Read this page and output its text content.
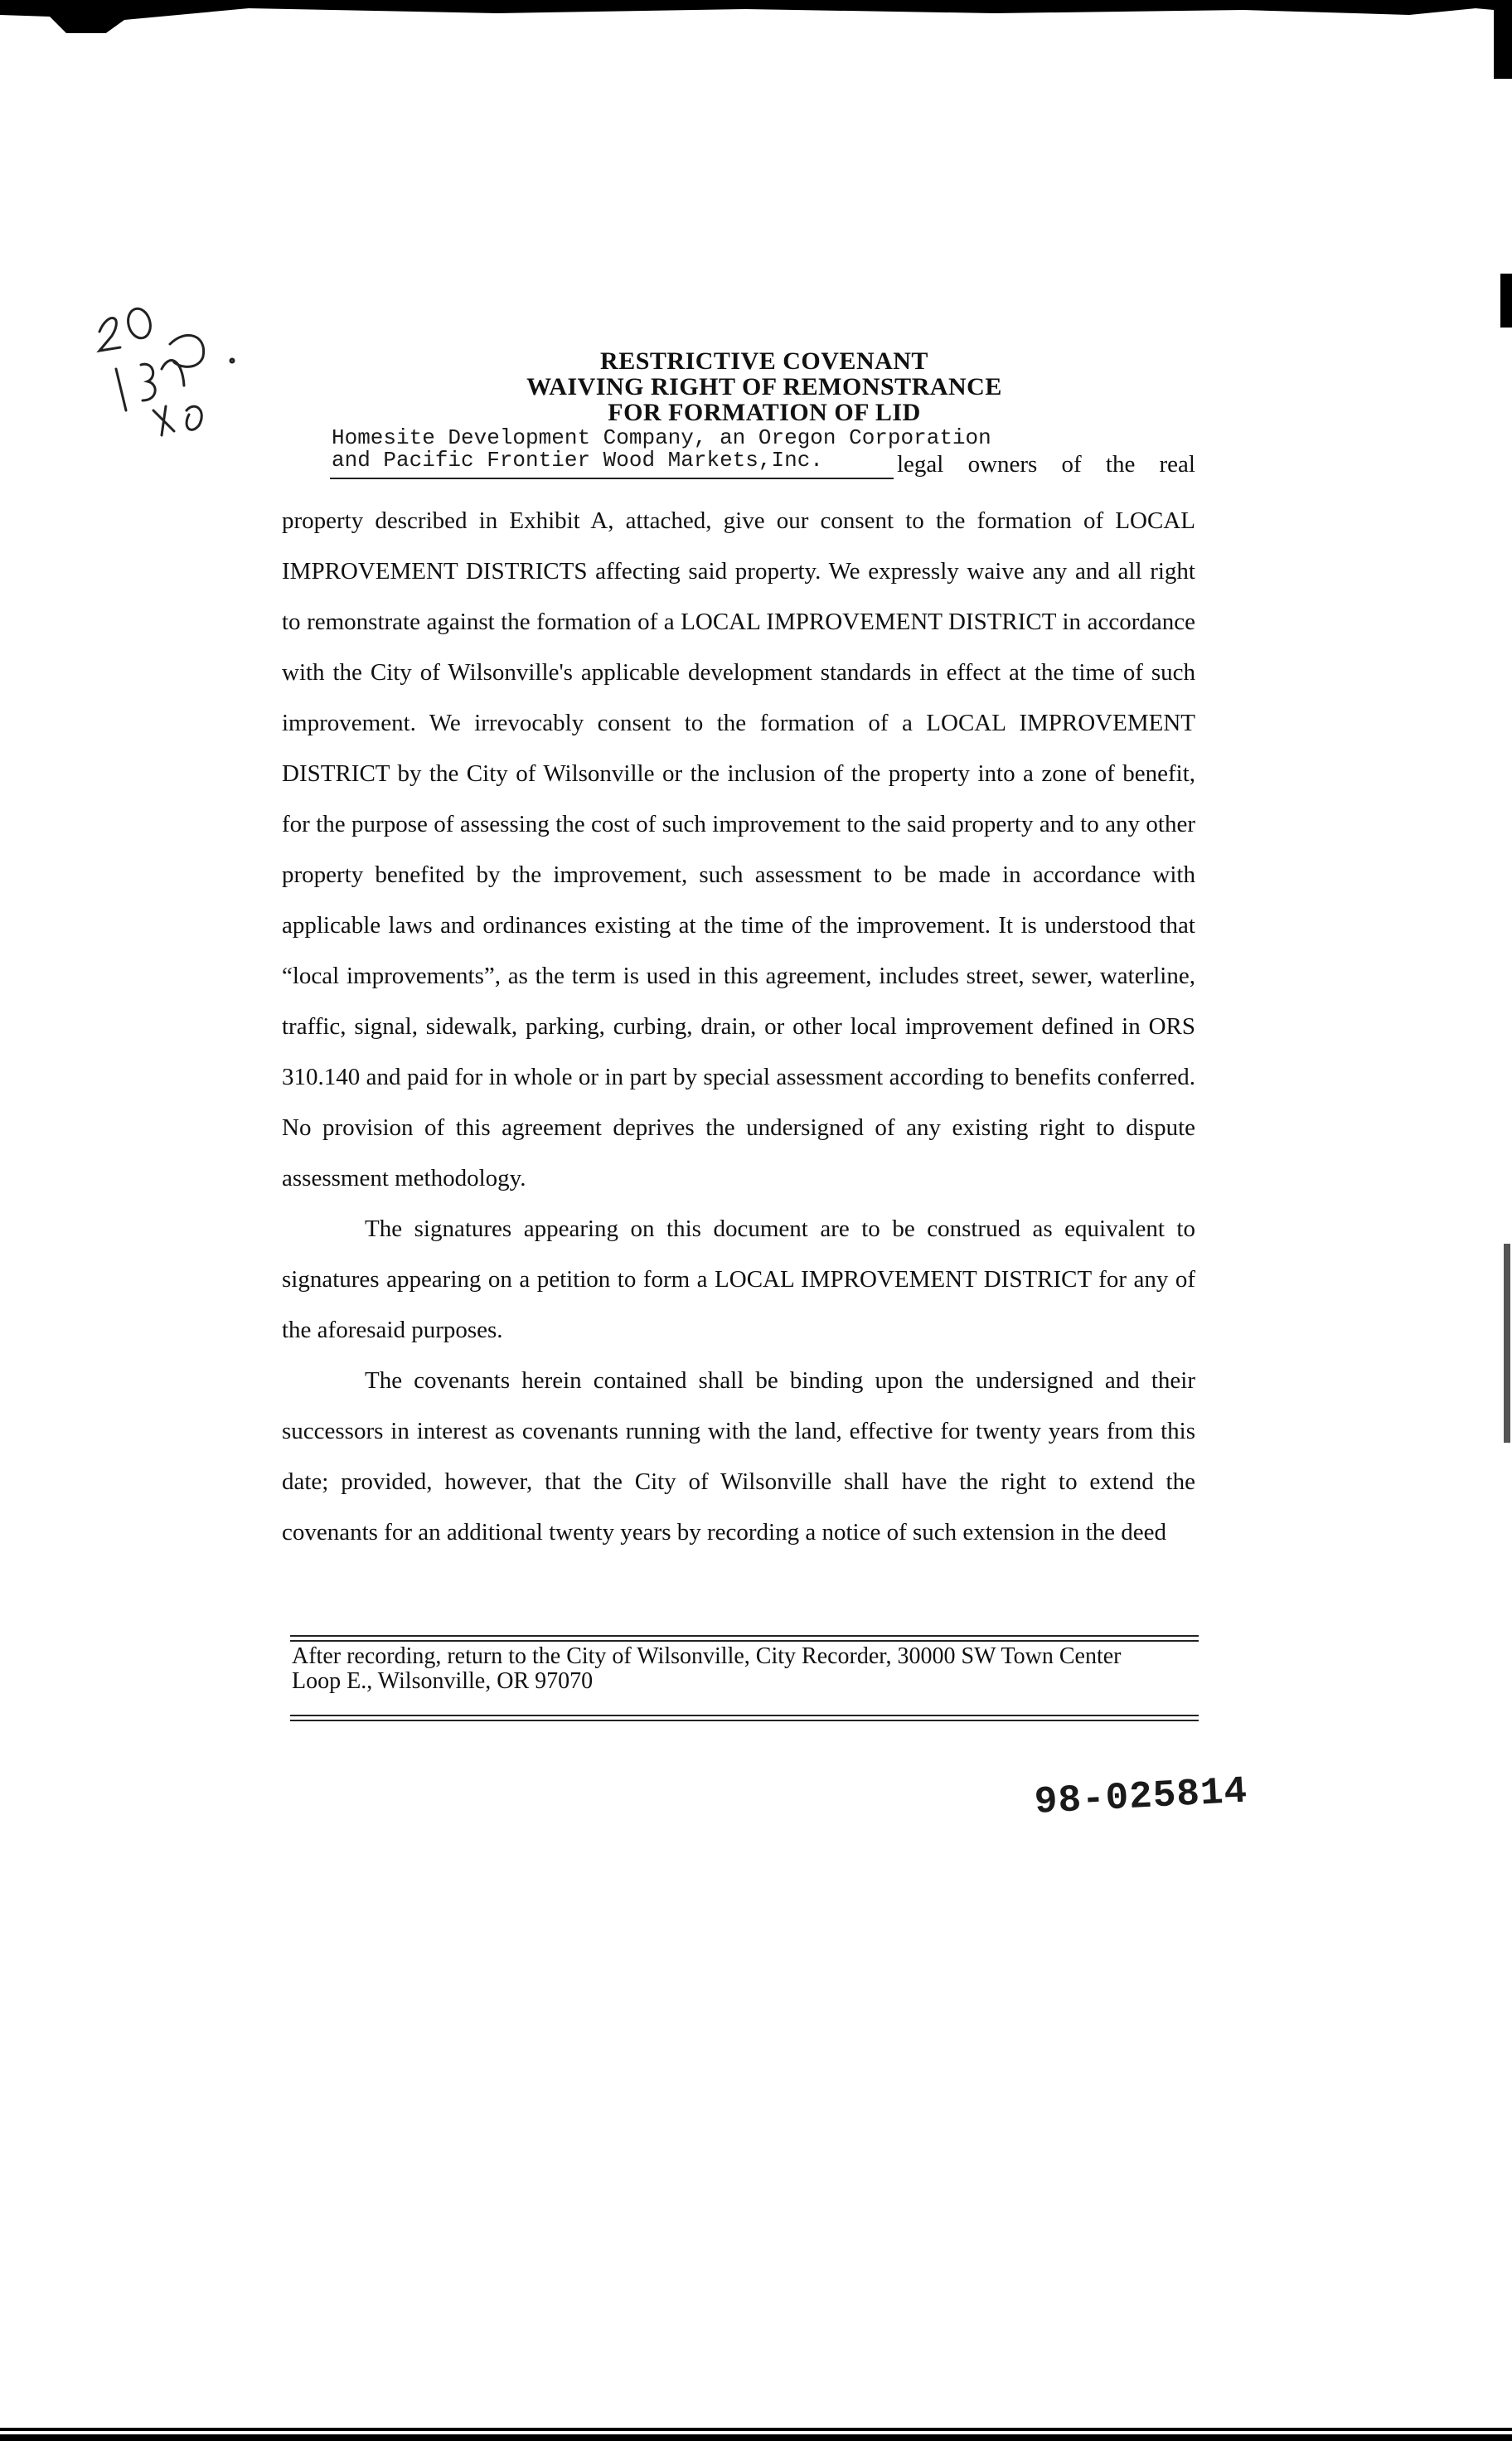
RESTRICTIVE COVENANT
WAIVING RIGHT OF REMONSTRANCE
FOR FORMATION OF LID
Homesite Development Company, an Oregon Corporation
and Pacific Frontier Wood Markets,Inc.	legal owners of the real

property described in Exhibit A, attached, give our consent to the formation of LOCAL IMPROVEMENT DISTRICTS affecting said property. We expressly waive any and all right to remonstrate against the formation of a LOCAL IMPROVEMENT DISTRICT in accordance with the City of Wilsonville's applicable development standards in effect at the time of such improvement. We irrevocably consent to the formation of a LOCAL IMPROVEMENT DISTRICT by the City of Wilsonville or the inclusion of the property into a zone of benefit, for the purpose of assessing the cost of such improvement to the said property and to any other property benefited by the improvement, such assessment to be made in accordance with applicable laws and ordinances existing at the time of the improvement. It is understood that “local improvements”, as the term is used in this agreement, includes street, sewer, waterline, traffic, signal, sidewalk, parking, curbing, drain, or other local improvement defined in ORS 310.140 and paid for in whole or in part by special assessment according to benefits conferred. No provision of this agreement deprives the undersigned of any existing right to dispute assessment methodology.

The signatures appearing on this document are to be construed as equivalent to signatures appearing on a petition to form a LOCAL IMPROVEMENT DISTRICT for any of the aforesaid purposes.

The covenants herein contained shall be binding upon the undersigned and their successors in interest as covenants running with the land, effective for twenty years from this date; provided, however, that the City of Wilsonville shall have the right to extend the covenants for an additional twenty years by recording a notice of such extension in the deed

After recording, return to the City of Wilsonville, City Recorder, 30000 SW Town Center
Loop E., Wilsonville, OR 97070
98-025814
